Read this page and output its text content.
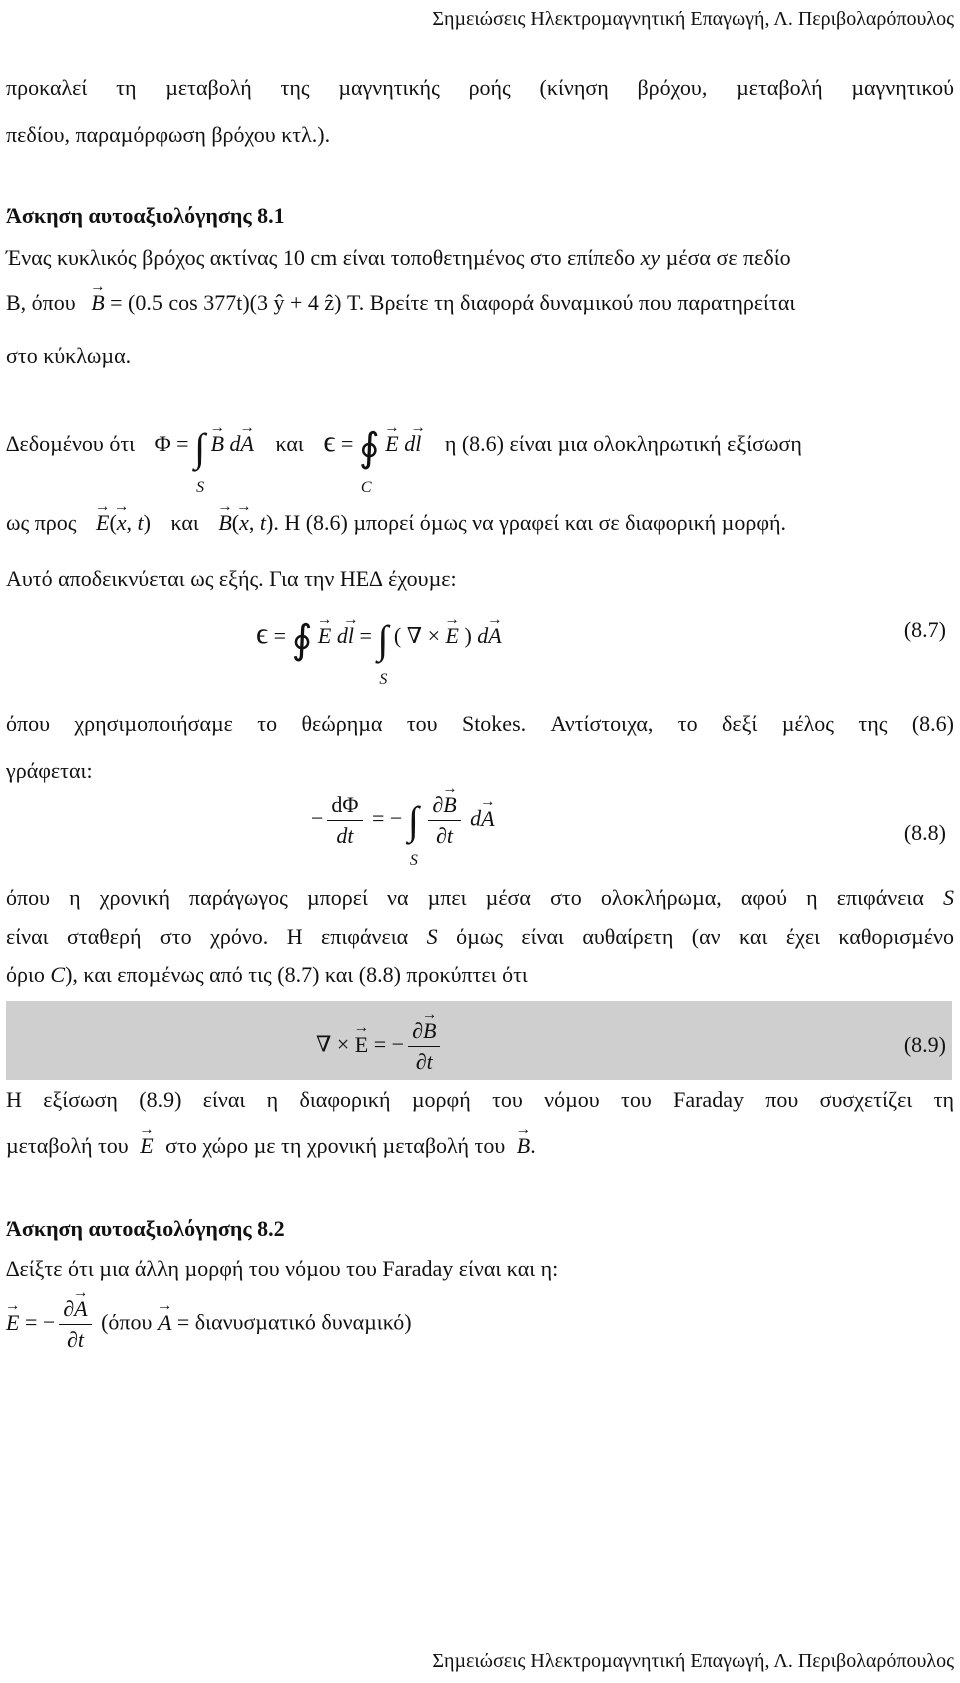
Σηµειώσεις Ηλεκτροµαγνητική Επαγωγή, Λ. Περιβολαρόπουλος
προκαλεί τη µεταβολή της µαγνητικής ροής (κίνηση βρόχου, µεταβολή µαγνητικού
πεδίου, παραµόρφωση βρόχου κτλ.).
Άσκηση αυτοαξιολόγησης 8.1
Ένας κυκλικός βρόχος ακτίνας 10 cm είναι τοποθετηµένος στο επίπεδο xy µέσα σε πεδίο
B, όπου → B = (0.5 cos 377t)(3 ŷ + 4 ẑ) T. Βρείτε τη διαφορά δυναµικού που παρατηρείται
στο κύκλωµα.
∆εδοµένου ότι Φ = ∫
S
→ B d→ A και ϵ = ∮
C
→ E d→ l η (8.6) είναι µια ολοκληρωτική εξίσωση
ως προς → E(→ x, t) και → B(→ x, t). Η (8.6) µπορεί όµως να γραφεί και σε διαφορική µορφή.
Αυτό αποδεικνύεται ως εξής. Για την ΗΕ∆ έχουµε:
ϵ = ∮ → E d→ l = ∫
S
( ∇ × → E ) d→ A	(8.7)
όπου χρησιµοποιήσαµε το θεώρηµα του Stokes. Αντίστοιχα, το δεξί µέλος της (8.6)
γράφεται:
− $\frac{d\Phi}{dt}$ = − ∫
S

$\frac{\partial\to B}{\partial t} d\to A$
(8.8)
όπου η χρονική παράγωγος µπορεί να µπει µέσα στο ολοκλήρωµα, αφού η επιφάνεια S
είναι σταθερή στο χρόνο. Η επιφάνεια S όµως είναι αυθαίρετη (αν και έχει καθορισµένο
όριο C), και εποµένως από τις (8.7) και (8.8) προκύπτει ότι
∇ × → E = − $\frac{\partial\to B}{\partial t}$	(8.9)
Η εξίσωση (8.9) είναι η διαφορική µορφή του νόµου του Faraday που συσχετίζει τη
µεταβολή του → E στο χώρο µε τη χρονική µεταβολή του → B.
Άσκηση αυτοαξιολόγησης 8.2
∆είξτε ότι µια άλλη µορφή του νόµου του Faraday είναι και η:
→ E = − $\frac{\partial\to A}{\partial t} (ό\pi o\upsilon \to A = \delta\iota\alpha\nu\upsilon\sigma\mu\alpha\tau\iota\kappa ό$ δυναµικό)
Σηµειώσεις Ηλεκτροµαγνητική Επαγωγή, Λ. Περιβολαρόπουλος
